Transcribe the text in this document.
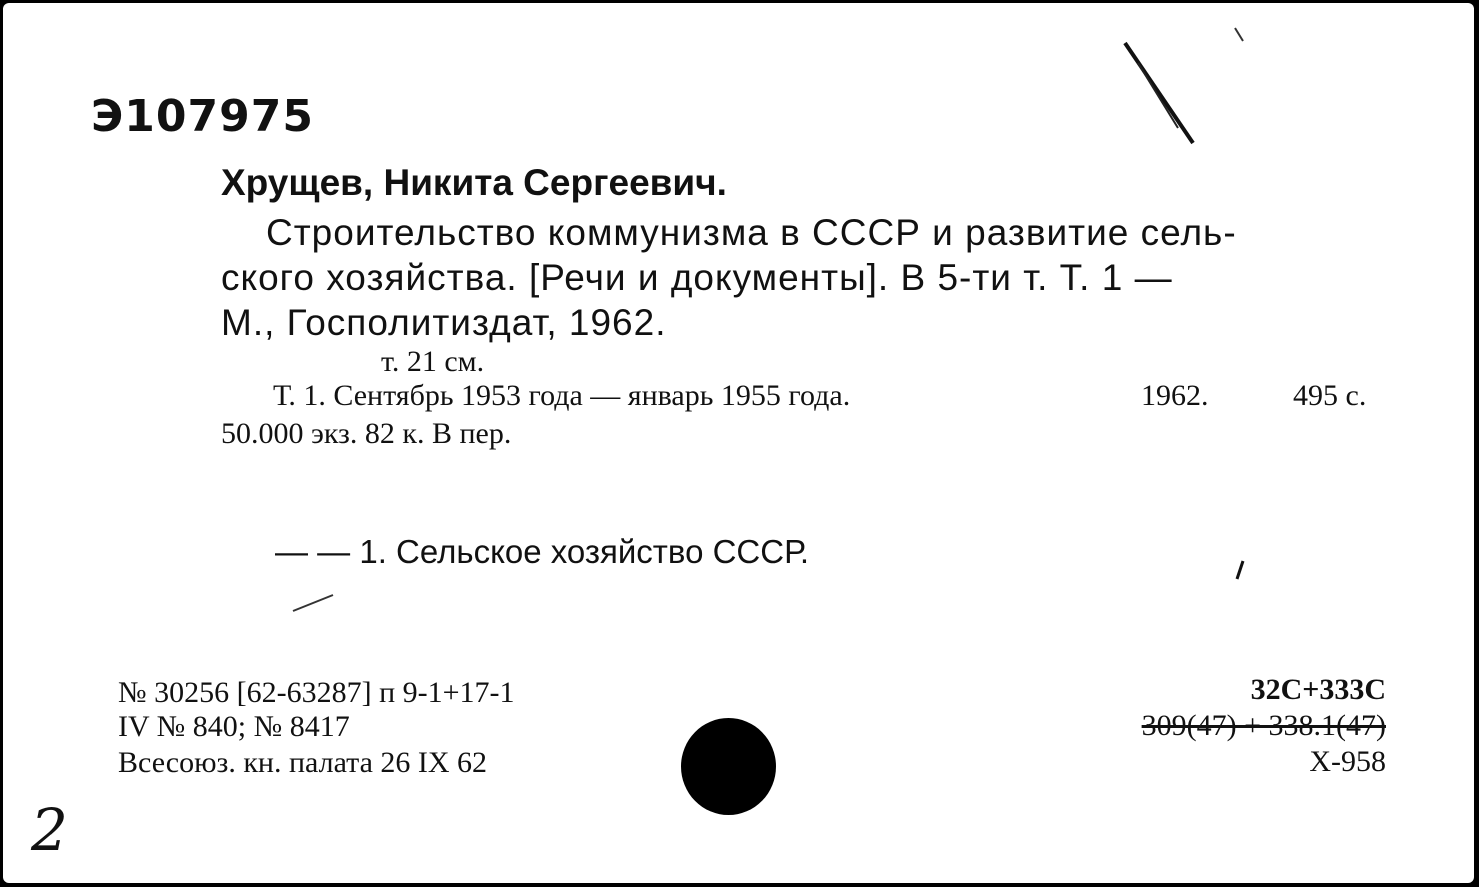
Э107975
Хрущев, Никита Сергеевич.
Строительство коммунизма в СССР и развитие сель-
ского хозяйства. [Речи и документы]. В 5-ти т. Т. 1 —
М., Госполитиздат, 1962.
т. 21 см.
Т. 1. Сентябрь 1953 года — январь 1955 года.	1962.	495 с.
50.000 экз. 82 к. В пер.
— — 1. Сельское хозяйство СССР.
№ 30256 [62-63287] п 9-1+17-1
IV № 840; № 8417
Всесоюз. кн. палата 26 IX 62
32С+333С
309(47) + 338.1(47)
Х-958
2
